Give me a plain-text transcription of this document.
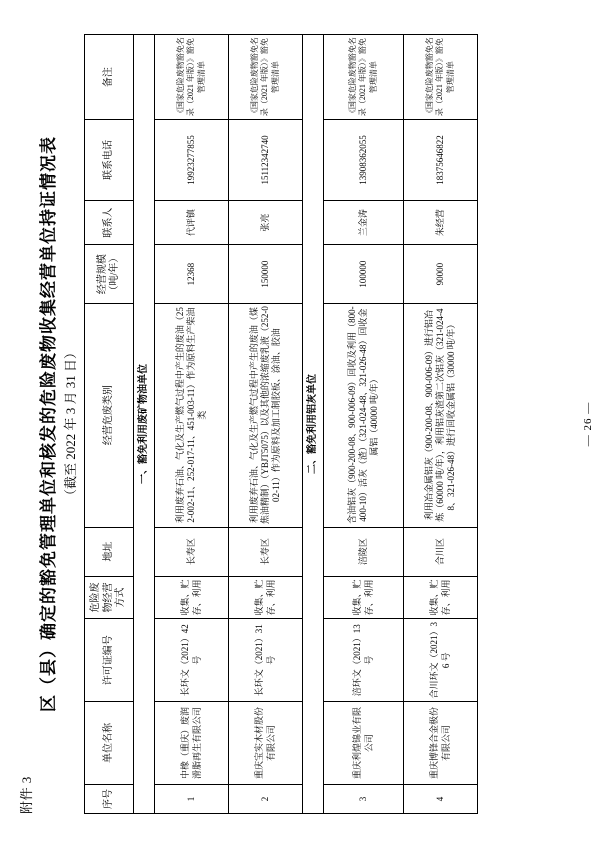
附件 3
区（县）确定的豁免管理单位和核发的危险废物收集经营单位持证情况表 （截至 2022 年 3 月 31 日）
序号	单位名称	许可证编号	危险废物经营方式	地址	经营危废类别	经营规模（吨/年）	联系人	联系电话	备注
一、豁免利用废矿物油单位									
1	中橡（重庆）废润滑脂再生有限公司	长环文（2021）42 号	收集、贮存、利用	长寿区	利用废弃石油、气化及生产燃气过程中产生的废油（252-002-11、252-017-11、451-003-11）作为原料生产柴油类	12368	代评镇	19923277855	《国家危险废物豁免名录（2021 年版）》豁免管理清单
2	重庆宝实木材股份有限公司	长环文（2021）31 号	收集、贮存、利用	长寿区	利用废弃石油、气化及生产燃气过程中产生的废油（煤焦油精制）（YBJT5075）以及其他的浓缩废乳液（252-002-11）作为原料及加工制胶板、涂油、胶油	150000	张亮	15112342740	《国家危险废物豁免名录（2021 年版）》豁免管理清单
二、豁免利用铝灰单位									
3	重庆利煌锦业有限公司	涪环文（2021）13 号	收集、贮存、利用	涪陵区	含油铝灰（900-200-08、900-006-09）回收及利用（800-400-10）活灰（渣）（321-024-48、321-026-48）回收金属铝（40000 吨/年）	100000	兰金涛	13908362055	《国家危险废物豁免名录（2021 年版）》豁免管理清单
4	重庆博锋合金极份有限公司	合川环文（2021）36 号	收集、贮存、利用	合川区	利用冶金属铝灰（900-200-08、900-006-09）进行铝冶炼（60000 吨/年），利用铝灰渣第二次铝灰（321-024-48、321-026-48）进行回收金属铝（30000 吨/年）	90000	朱经营	18375646822	《国家危险废物豁免名录（2021 年版）》豁免管理清单
— 26 —
